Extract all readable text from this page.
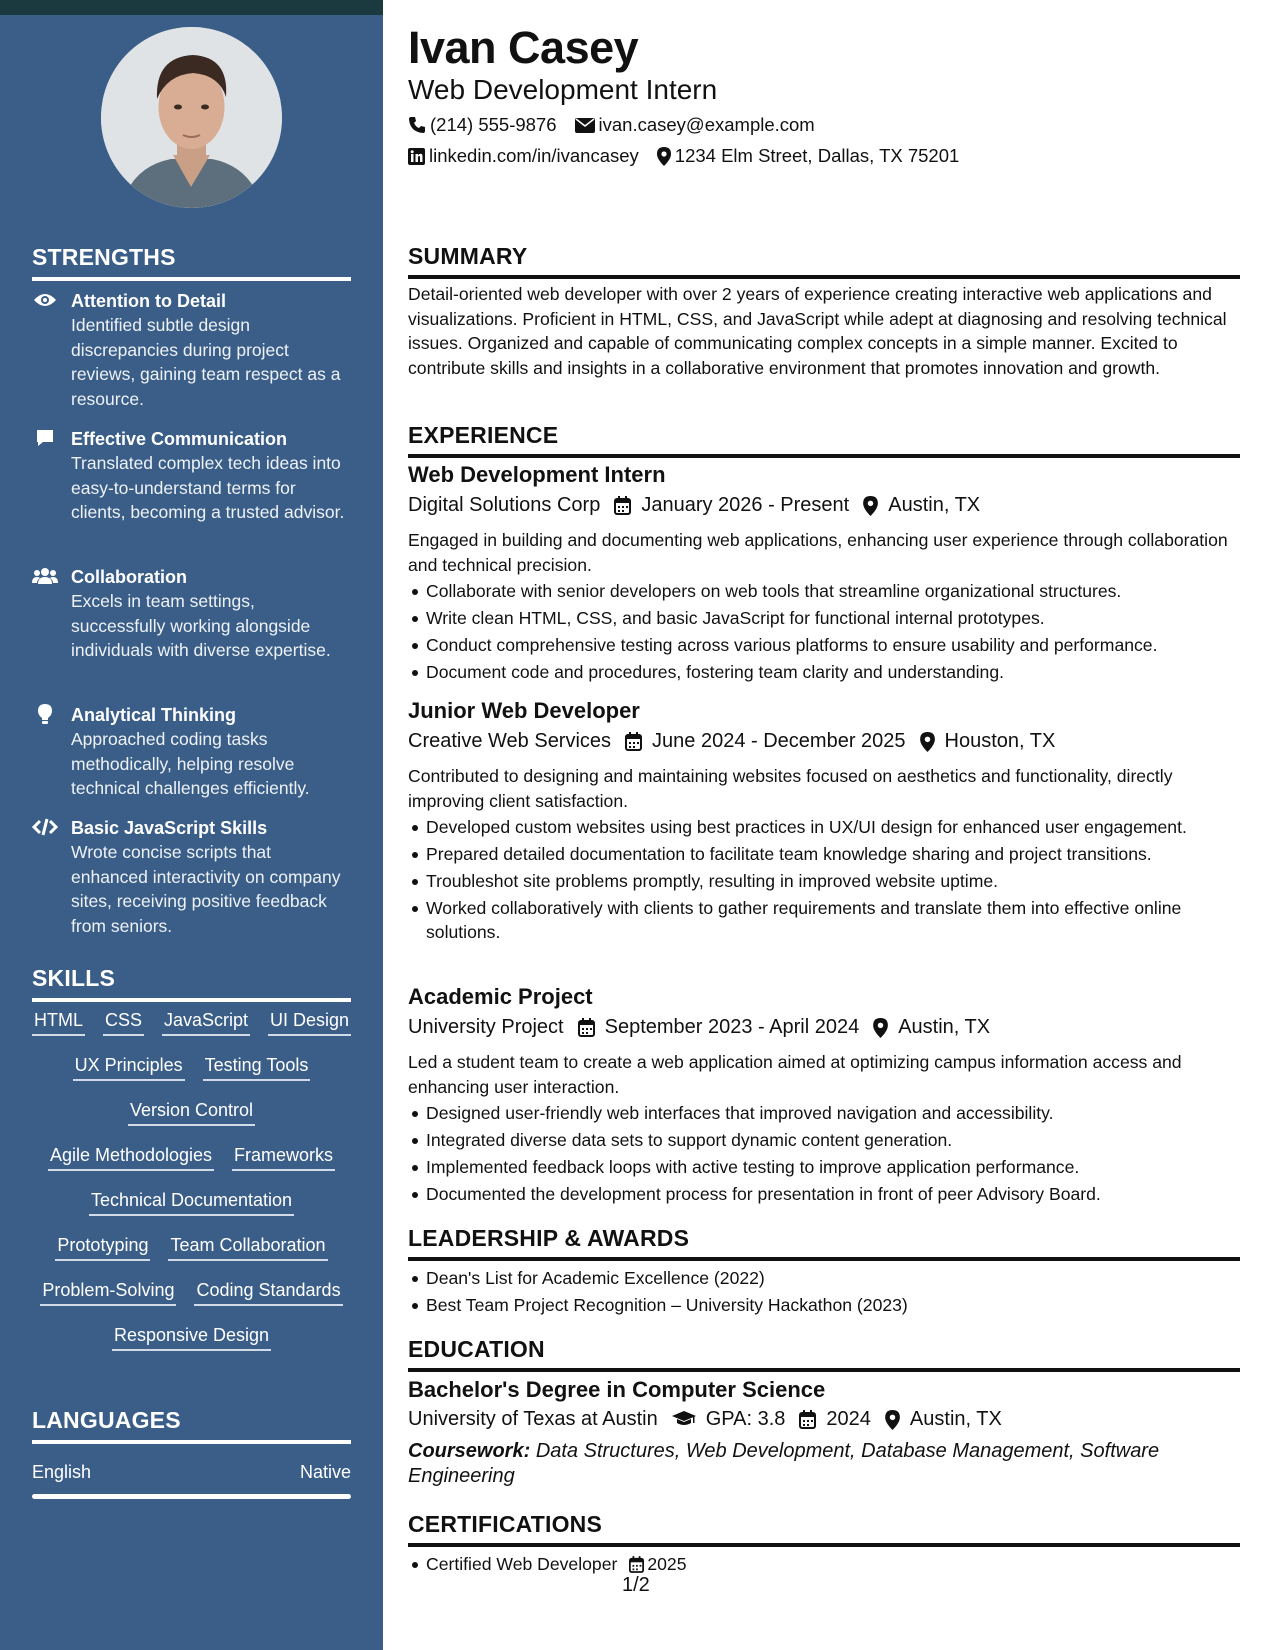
STRENGTHS
Attention to Detail
Identified subtle design discrepancies during project reviews, gaining team respect as a resource.
Effective Communication
Translated complex tech ideas into easy-to-understand terms for clients, becoming a trusted advisor.
Collaboration
Excels in team settings, successfully working alongside individuals with diverse expertise.
Analytical Thinking
Approached coding tasks methodically, helping resolve technical challenges efficiently.
Basic JavaScript Skills
Wrote concise scripts that enhanced interactivity on company sites, receiving positive feedback from seniors.
SKILLS
HTML CSS JavaScript UI Design
UX Principles Testing Tools
Version Control
Agile Methodologies Frameworks
Technical Documentation
Prototyping Team Collaboration
Problem-Solving Coding Standards
Responsive Design
LANGUAGES
English	Native
Ivan Casey
Web Development Intern
(214) 555-9876 ivan.casey@example.com
linkedin.com/in/ivancasey 1234 Elm Street, Dallas, TX 75201
SUMMARY
Detail-oriented web developer with over 2 years of experience creating interactive web applications and visualizations. Proficient in HTML, CSS, and JavaScript while adept at diagnosing and resolving technical issues. Organized and capable of communicating complex concepts in a simple manner. Excited to contribute skills and insights in a collaborative environment that promotes innovation and growth.
EXPERIENCE
Web Development Intern
Digital Solutions Corp January 2026 - Present Austin, TX
Engaged in building and documenting web applications, enhancing user experience through collaboration and technical precision.
Collaborate with senior developers on web tools that streamline organizational structures.
Write clean HTML, CSS, and basic JavaScript for functional internal prototypes.
Conduct comprehensive testing across various platforms to ensure usability and performance.
Document code and procedures, fostering team clarity and understanding.
Junior Web Developer
Creative Web Services June 2024 - December 2025 Houston, TX
Contributed to designing and maintaining websites focused on aesthetics and functionality, directly improving client satisfaction.
Developed custom websites using best practices in UX/UI design for enhanced user engagement.
Prepared detailed documentation to facilitate team knowledge sharing and project transitions.
Troubleshot site problems promptly, resulting in improved website uptime.
Worked collaboratively with clients to gather requirements and translate them into effective online solutions.
Academic Project
University Project September 2023 - April 2024 Austin, TX
Led a student team to create a web application aimed at optimizing campus information access and enhancing user interaction.
Designed user-friendly web interfaces that improved navigation and accessibility.
Integrated diverse data sets to support dynamic content generation.
Implemented feedback loops with active testing to improve application performance.
Documented the development process for presentation in front of peer Advisory Board.
LEADERSHIP & AWARDS
Dean's List for Academic Excellence (2022)
Best Team Project Recognition – University Hackathon (2023)
EDUCATION
Bachelor's Degree in Computer Science
University of Texas at Austin GPA: 3.8 2024 Austin, TX
Coursework: Data Structures, Web Development, Database Management, Software Engineering
CERTIFICATIONS
Certified Web Developer 2025
1/2
